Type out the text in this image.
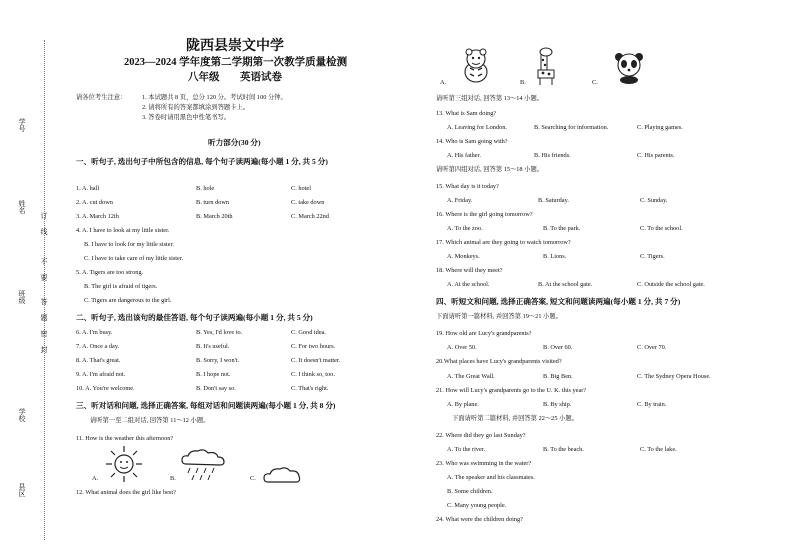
学号
姓名
班级
学校
县区
订
线
不
要
答
题
密
封
陇西县崇文中学
2023—2024 学年度第二学期第一次教学质量检测
八年级 英语试卷
请各位考生注意： 1. 本试题共 8 页，总分 120 分。考试时间 100 分钟。
2. 请将所有的答案都填涂到答题卡上。
3. 答卷时请用黑色中性笔书写。
听力部分(30 分)
一、听句子, 选出句子中所包含的信息, 每个句子读两遍(每小题 1 分, 共 5 分)
1. A. hall	B. hole	C. hotel
2. A. cut down	B. turn down	C. take down
3. A. March 12th	B. March 20th	C. March 22nd
4. A. I have to look at my little sister.
B. I have to look for my little sister.
C. I have to take care of my little sister.
5. A. Tigers are too strong.
B. The girl is afraid of tigers.
C. Tigers are dangerous to the girl.
二、听句子, 选出该句的最佳答语, 每个句子读两遍(每小题 1 分, 共 5 分)
6. A. I'm busy.	B. Yes, I'd love to.	C. Good idea.
7. A. Once a day.	B. It's useful.	C. For two hours.
8. A. That's great.	B. Sorry, I won't.	C. It doesn't matter.
9. A. I'm afraid not.	B. I hope not.	C. I think so, too.
10. A. You're welcome.	B. Don't say so.	C. That's right.
三、听对话和问题, 选择正确答案, 每组对话和问题读两遍(每小题 1 分, 共 8 分)
请听第一至二组对话, 回答第 11～12 小题。
11. How is the weather this afternoon?
A.	B.	C.
12. What animal does the girl like best?
A.	B.	C.
请听第三组对话, 回答第 13～14 小题。
13. What is Sam doing?
A. Leaving for London.	B. Searching for information.	C. Playing games.
14. Who is Sam going with?
A. His father.	B. His friends.	C. His parents.
请听第四组对话, 回答第 15～18 小题。
15. What day is it today?
A. Friday.	B. Saturday.	C. Sunday.
16. Where is the girl going tomorrow?
A. To the zoo.	B. To the park.	C. To the school.
17. Which animal are they going to watch tomorrow?
A. Monkeys.	B. Lions.	C. Tigers.
18. Where will they meet?
A. At the school.	B. At the school gate.	C. Outside the school gate.
四、听短文和问题, 选择正确答案, 短文和问题读两遍(每小题 1 分, 共 7 分)
下面请听第一篇材料, 并回答第 19～21 小题。
19. How old are Lucy's grandparents?
A. Over 50.	B. Over 60.	C. Over 70.
20.What places have Lucy's grandparents visited?
A. The Great Wall.	B. Big Ben.	C. The Sydney Opera House.
21. How will Lucy's grandparents go to the U. K. this year?
A. By plane.	B. By ship.	C. By train.
下面请听第二篇材料, 并回答第 22～25 小题。
22. Where did they go last Sunday?
A. To the river.	B. To the beach.	C. To the lake.
23. Who was swimming in the water?
A. The speaker and his classmates.
B. Some children.
C. Many young people.
24. What were the children doing?
